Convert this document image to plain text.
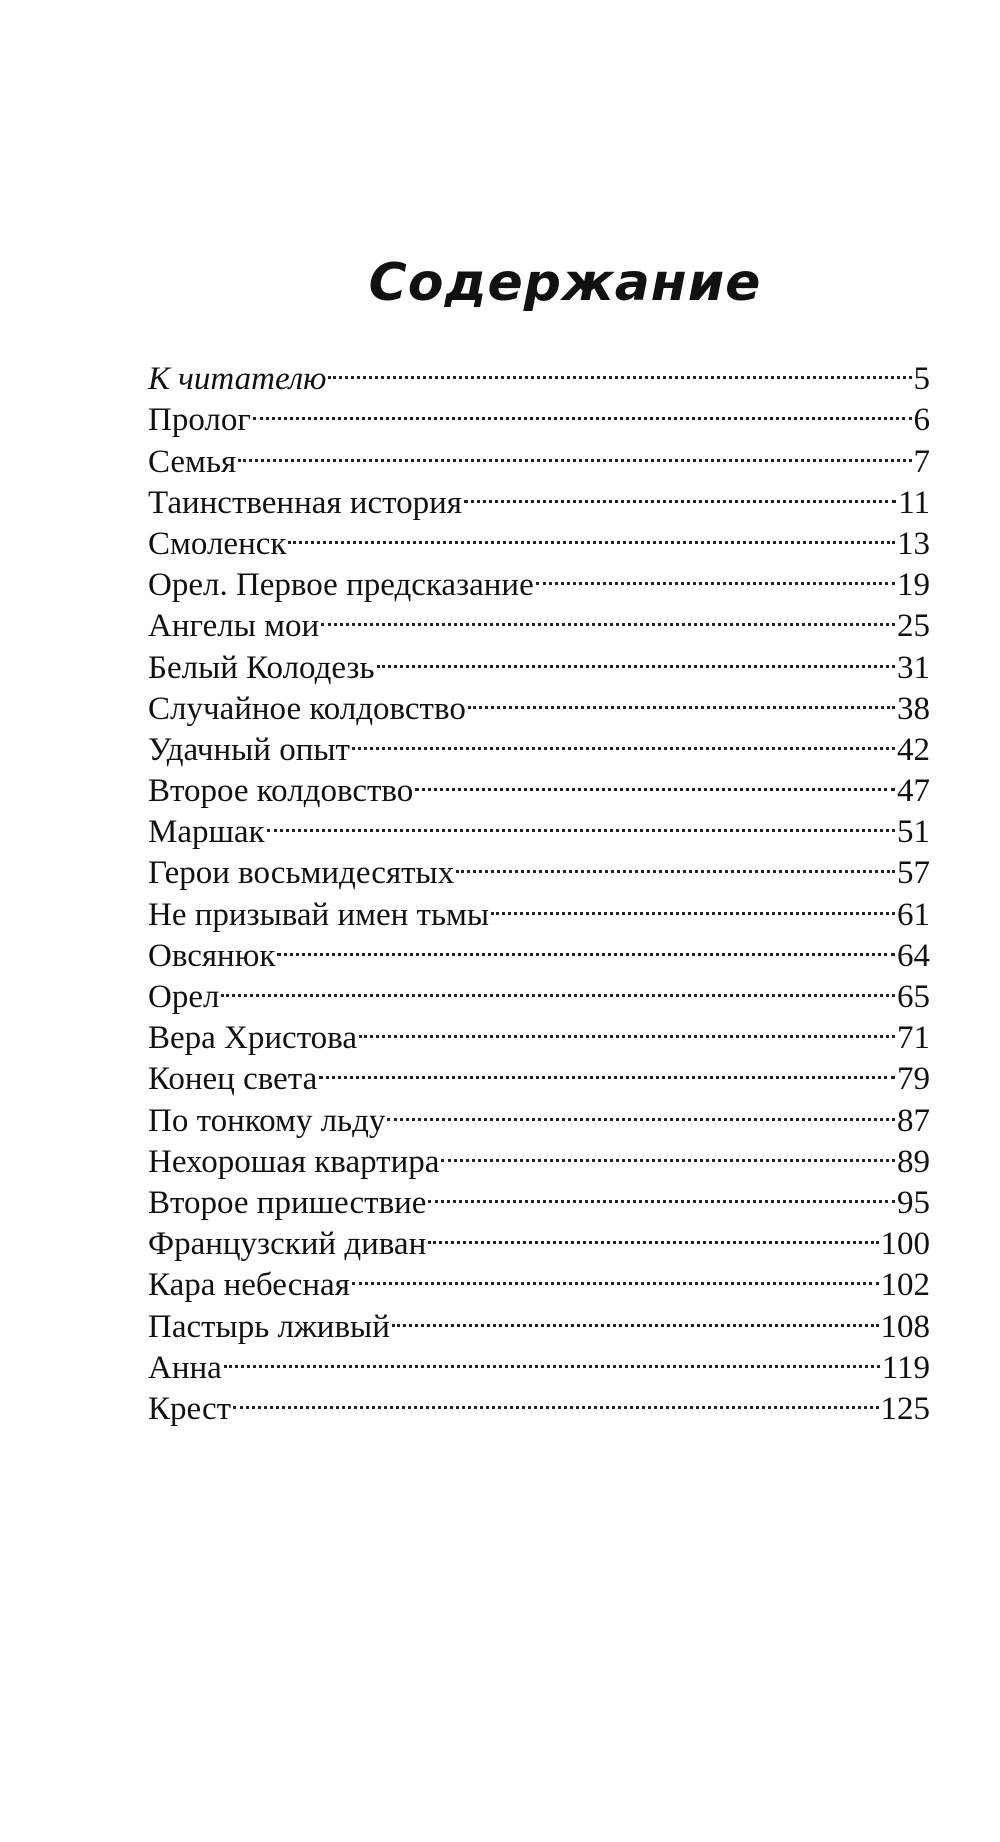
Содержание
К читателю	5
Пролог	6
Семья	7
Таинственная история	11
Смоленск	13
Орел. Первое предсказание	19
Ангелы мои	25
Белый Колодезь	31
Случайное колдовство	38
Удачный опыт	42
Второе колдовство	47
Маршак	51
Герои восьмидесятых	57
Не призывай имен тьмы	61
Овсянюк	64
Орел	65
Вера Христова	71
Конец света	79
По тонкому льду	87
Нехорошая квартира	89
Второе пришествие	95
Французский диван	100
Кара небесная	102
Пастырь лживый	108
Анна	119
Крест	125
